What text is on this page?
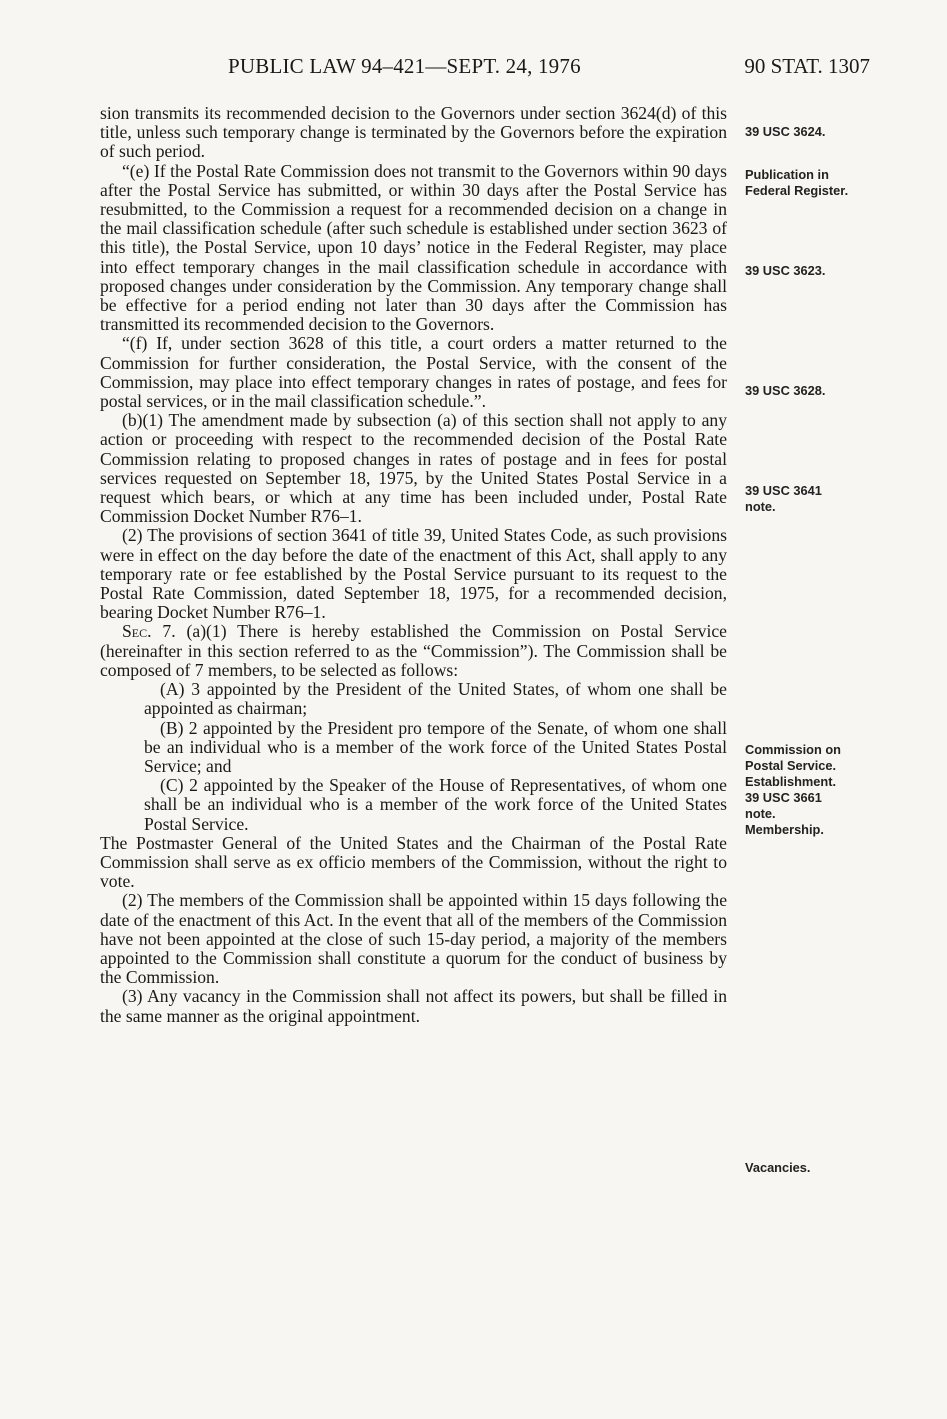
PUBLIC LAW 94–421—SEPT. 24, 1976	90 STAT. 1307

sion transmits its recommended decision to the Governors under section 3624(d) of this title, unless such temporary change is terminated by the Governors before the expiration of such period.

“(e) If the Postal Rate Commission does not transmit to the Governors within 90 days after the Postal Service has submitted, or within 30 days after the Postal Service has resubmitted, to the Commission a request for a recommended decision on a change in the mail classification schedule (after such schedule is established under section 3623 of this title), the Postal Service, upon 10 days’ notice in the Federal Register, may place into effect temporary changes in the mail classification schedule in accordance with proposed changes under consideration by the Commission. Any temporary change shall be effective for a period ending not later than 30 days after the Commission has transmitted its recommended decision to the Governors.

“(f) If, under section 3628 of this title, a court orders a matter returned to the Commission for further consideration, the Postal Service, with the consent of the Commission, may place into effect temporary changes in rates of postage, and fees for postal services, or in the mail classification schedule.”.

(b)(1) The amendment made by subsection (a) of this section shall not apply to any action or proceeding with respect to the recommended decision of the Postal Rate Commission relating to proposed changes in rates of postage and in fees for postal services requested on September 18, 1975, by the United States Postal Service in a request which bears, or which at any time has been included under, Postal Rate Commission Docket Number R76–1.

(2) The provisions of section 3641 of title 39, United States Code, as such provisions were in effect on the day before the date of the enactment of this Act, shall apply to any temporary rate or fee established by the Postal Service pursuant to its request to the Postal Rate Commission, dated September 18, 1975, for a recommended decision, bearing Docket Number R76–1.

Sec. 7. (a)(1) There is hereby established the Commission on Postal Service (hereinafter in this section referred to as the “Commission”). The Commission shall be composed of 7 members, to be selected as follows:

(A) 3 appointed by the President of the United States, of whom one shall be appointed as chairman;

(B) 2 appointed by the President pro tempore of the Senate, of whom one shall be an individual who is a member of the work force of the United States Postal Service; and

(C) 2 appointed by the Speaker of the House of Representatives, of whom one shall be an individual who is a member of the work force of the United States Postal Service.

The Postmaster General of the United States and the Chairman of the Postal Rate Commission shall serve as ex officio members of the Commission, without the right to vote.

(2) The members of the Commission shall be appointed within 15 days following the date of the enactment of this Act. In the event that all of the members of the Commission have not been appointed at the close of such 15-day period, a majority of the members appointed to the Commission shall constitute a quorum for the conduct of business by the Commission.

(3) Any vacancy in the Commission shall not affect its powers, but shall be filled in the same manner as the original appointment.

39 USC 3624.
Publication in
Federal Register.
39 USC 3623.
39 USC 3628.
39 USC 3641
note.
Commission on
Postal Service.
Establishment.
39 USC 3661
note.
Membership.
Vacancies.
